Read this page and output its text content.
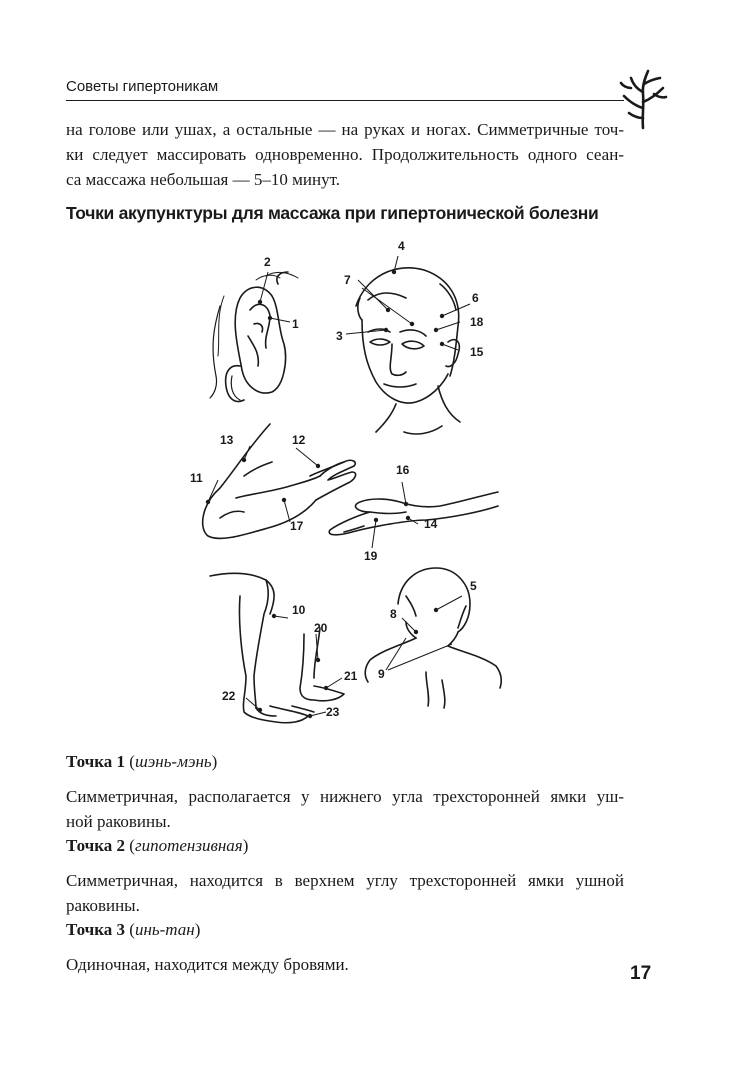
Советы гипертоникам
на голове или ушах, а остальные — на руках и ногах. Симметричные точ-
ки следует массировать одновременно. Продолжительность одного сеан-
са массажа небольшая — 5–10 минут.
Точки акупунктуры для массажа при гипертонической болезни
2
1
3
4
7
6
18
15
13	12
11
17
16
14
19
5
8
9
10
20
21
22
23
Точка 1 (шэнь-мэнь)
Симметричная, располагается у нижнего угла трехсторонней ямки уш-
ной раковины.
Точка 2 (гипотензивная)
Симметричная, находится в верхнем углу трехсторонней ямки ушной
раковины.
Точка 3 (инь-тан)
Одиночная, находится между бровями.	17
